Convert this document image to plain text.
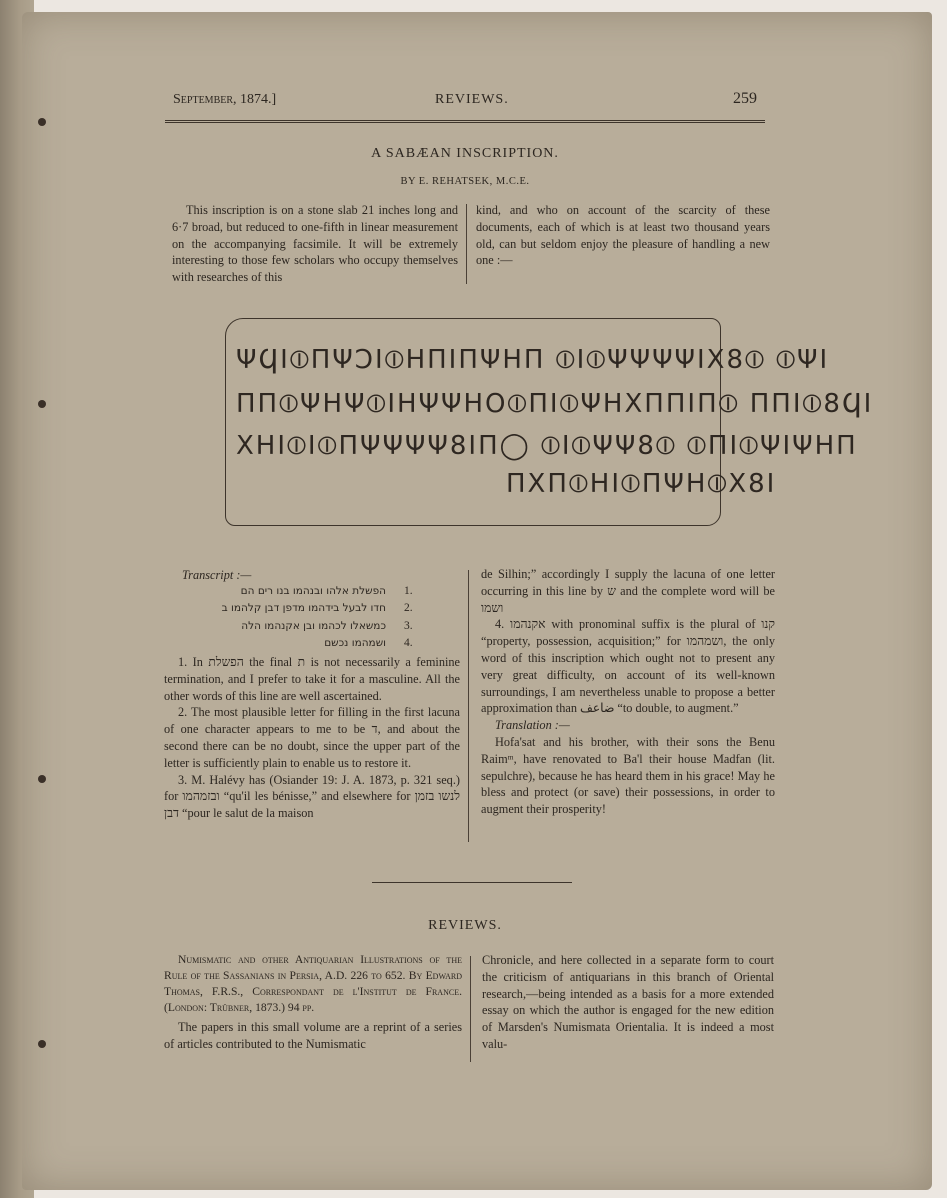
September, 1874.]	REVIEWS.	259
A SABÆAN INSCRIPTION.
BY E. REHATSEK, M.C.E.

This inscription is on a stone slab 21 inches long and 6·7 broad, but reduced to one-fifth in linear measurement on the accompanying facsimile. It will be extremely interesting to those few scholars who occupy themselves with researches of this

kind, and who on account of the scarcity of these documents, each of which is at least two thousand years old, can but seldom enjoy the pleasure of handling a new one :—

ΨϤΙ⦶ΠΨϽΙ⦶ΗΠΙΠΨΗΠ ⦶Ι⦶ΨΨΨΨΙΧ8⦶ ⦶ΨΙ
ΠΠ⦶ΨΗΨ⦶ΙΗΨΨΗΟ⦶ΠΙ⦶ΨΗΧΠΠΙΠ⦶ ΠΠΙ⦶8ϤΙ
ΧΗΙ⦶Ι⦶ΠΨΨΨΨ8ΙΠ◯ ⦶Ι⦶ΨΨ8⦶ ⦶ΠΙ⦶ΨΙΨΗΠ
ΠΧΠ⦶ΗΙ⦶ΠΨΗ⦶Χ8Ι
Transcript :—
הפשלת אלהו ובנהמו בנו רים הם 1.
חדו לבעל בידהמו מדפן דבן קלהמו ב 2.
כמשאלו לכהמו ובן אקנהמו הלה 3.
ושמהמו נכשם 4.

1. In הפשלת the final ת is not necessarily a feminine termination, and I prefer to take it for a masculine. All the other words of this line are well ascertained.

2. The most plausible letter for filling in the first lacuna of one character appears to me to be ד, and about the second there can be no doubt, since the upper part of the letter is sufficiently plain to enable us to restore it.

3. M. Halévy has (Osiander 19: J. A. 1873, p. 321 seq.) for ובזמהמו “qu'il les bénisse,” and elsewhere for לנשו בזמן דבן “pour le salut de la maison

de Silhin;” accordingly I supply the lacuna of one letter occurring in this line by ש and the complete word will be ושמו

4. אקנהמו with pronominal suffix is the plural of קנו “property, possession, acquisition;” for ושמהמו, the only word of this inscription which ought not to present any very great difficulty, on account of its well-known surroundings, I am nevertheless unable to propose a better approximation than ضاعف “to double, to augment.”

Translation :—

Hofa'sat and his brother, with their sons the Benu Raimᵐ, have renovated to Ba'l their house Madfan (lit. sepulchre), because he has heard them in his grace! May he bless and protect (or save) their possessions, in order to augment their prosperity!

REVIEWS.

Numismatic and other Antiquarian Illustrations of the Rule of the Sassanians in Persia, A.D. 226 to 652. By Edward Thomas, F.R.S., Correspondant de l'Institut de France. (London: Trübner, 1873.) 94 pp.

The papers in this small volume are a reprint of a series of articles contributed to the Numismatic

Chronicle, and here collected in a separate form to court the criticism of antiquarians in this branch of Oriental research,—being intended as a basis for a more extended essay on which the author is engaged for the new edition of Marsden's Numismata Orientalia. It is indeed a most valu-
